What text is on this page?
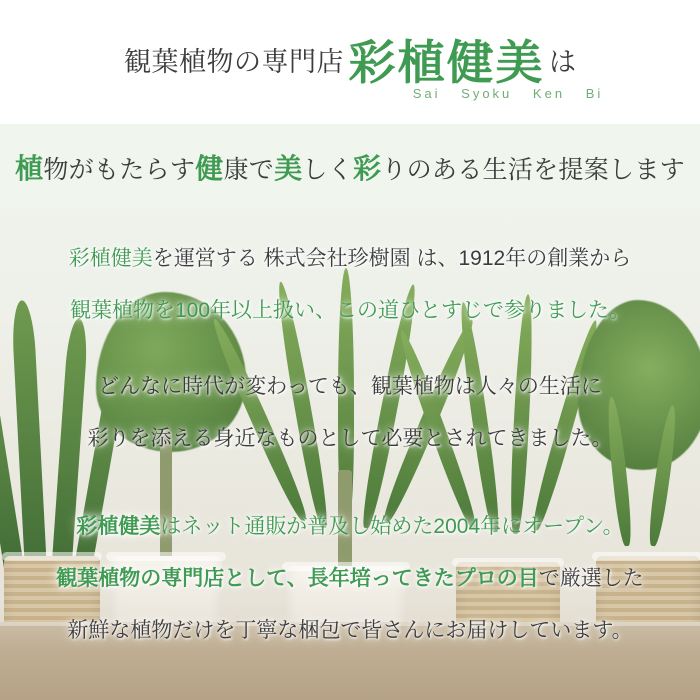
観葉植物の専門店 彩植健美 は
Sai Syoku Ken Bi
植物がもたらす健康で美しく彩りのある生活を提案します
彩植健美を運営する 株式会社珍樹園 は、1912年の創業から
観葉植物を100年以上扱い、この道ひとすじで参りました。
どんなに時代が変わっても、観葉植物は人々の生活に
彩りを添える身近なものとして必要とされてきました。
彩植健美はネット通販が普及し始めた2004年にオープン。
観葉植物の専門店として、長年培ってきたプロの目で厳選した
新鮮な植物だけを丁寧な梱包で皆さんにお届けしています。
